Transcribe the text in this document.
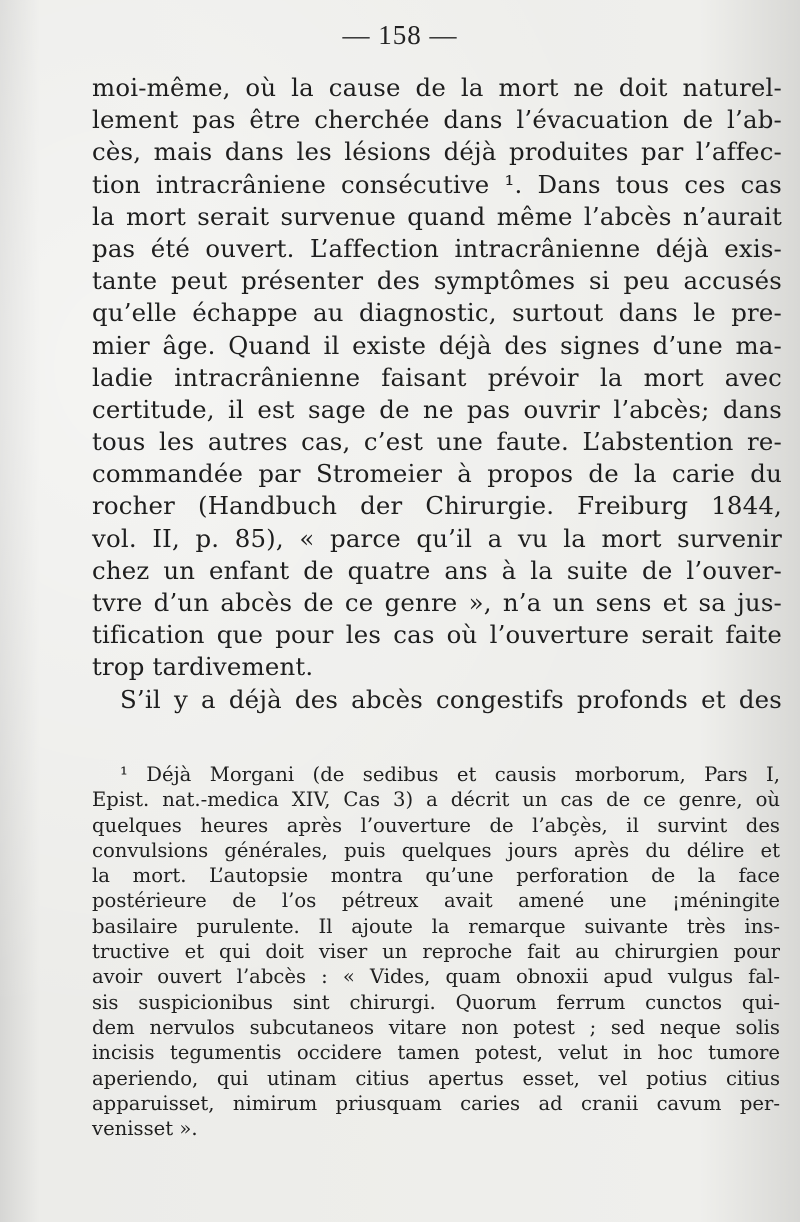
— 158 —
moi-même, où la cause de la mort ne doit naturel-
lement pas être cherchée dans l’évacuation de l’ab-
cès, mais dans les lésions déjà produites par l’affec-
tion intracrâniene consécutive ¹. Dans tous ces cas
la mort serait survenue quand même l’abcès n’aurait
pas été ouvert. L’affection intracrânienne déjà exis-
tante peut présenter des symptômes si peu accusés
qu’elle échappe au diagnostic, surtout dans le pre-
mier âge. Quand il existe déjà des signes d’une ma-
ladie intracrânienne faisant prévoir la mort avec
certitude, il est sage de ne pas ouvrir l’abcès; dans
tous les autres cas, c’est une faute. L’abstention re-
commandée par Stromeier à propos de la carie du
rocher (Handbuch der Chirurgie. Freiburg 1844,
vol. II, p. 85), « parce qu’il a vu la mort survenir
chez un enfant de quatre ans à la suite de l’ouver-
tvre d’un abcès de ce genre », n’a un sens et sa jus-
tification que pour les cas où l’ouverture serait faite
trop tardivement.
S’il y a déjà des abcès congestifs profonds et des
¹ Déjà Morgani (de sedibus et causis morborum, Pars I,
Epist. nat.-medica XIV, Cas 3) a décrit un cas de ce genre, où
quelques heures après l’ouverture de l’abçès, il survint des
convulsions générales, puis quelques jours après du délire et
la mort. L’autopsie montra qu’une perforation de la face
postérieure de l’os pétreux avait amené une ¡méningite
basilaire purulente. Il ajoute la remarque suivante très ins-
tructive et qui doit viser un reproche fait au chirurgien pour
avoir ouvert l’abcès : « Vides, quam obnoxii apud vulgus fal-
sis suspicionibus sint chirurgi. Quorum ferrum cunctos qui-
dem nervulos subcutaneos vitare non potest ; sed neque solis
incisis tegumentis occidere tamen potest, velut in hoc tumore
aperiendo, qui utinam citius apertus esset, vel potius citius
apparuisset, nimirum priusquam caries ad cranii cavum per-
venisset ».
